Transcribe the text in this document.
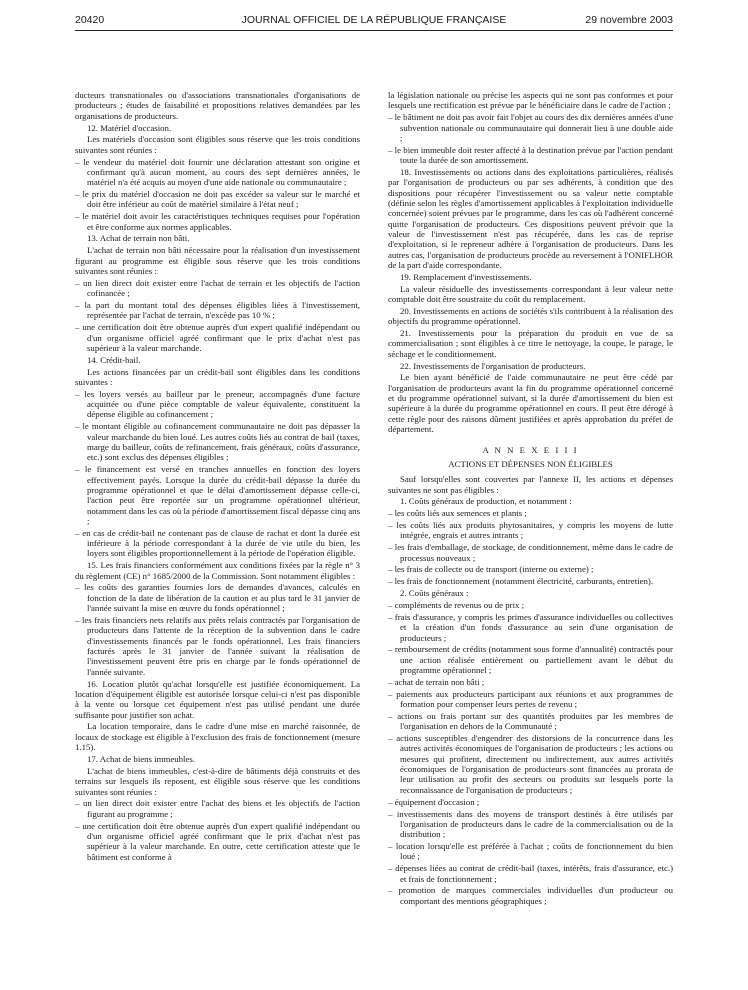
20420	JOURNAL OFFICIEL DE LA RÉPUBLIQUE FRANÇAISE	29 novembre 2003

ducteurs transnationales ou d'associations transnationales d'organisations de producteurs ; études de faisabilité et propositions relatives demandées par les organisations de producteurs.

12. Matériel d'occasion.

Les matériels d'occasion sont éligibles sous réserve que les trois conditions suivantes sont réunies :

– le vendeur du matériel doit fournir une déclaration attestant son origine et confirmant qu'à aucun moment, au cours des sept dernières années, le matériel n'a été acquis au moyen d'une aide nationale ou communautaire ;

– le prix du matériel d'occasion ne doit pas excéder sa valeur sur le marché et doit être inférieur au coût de matériel similaire à l'état neuf ;

– le matériel doit avoir les caractéristiques techniques requises pour l'opération et être conforme aux normes applicables.

13. Achat de terrain non bâti.

L'achat de terrain non bâti nécessaire pour la réalisation d'un investissement figurant au programme est éligible sous réserve que les trois conditions suivantes sont réunies :

– un lien direct doit exister entre l'achat de terrain et les objectifs de l'action cofinancée ;

– la part du montant total des dépenses éligibles liées à l'investissement, représentée par l'achat de terrain, n'excède pas 10 % ;

– une certification doit être obtenue auprès d'un expert qualifié indépendant ou d'un organisme officiel agréé confirmant que le prix d'achat n'est pas supérieur à la valeur marchande.

14. Crédit-bail.

Les actions financées par un crédit-bail sont éligibles dans les conditions suivantes :

– les loyers versés au bailleur par le preneur, accompagnés d'une facture acquittée ou d'une pièce comptable de valeur équivalente, constituent la dépense éligible au cofinancement ;

– le montant éligible au cofinancement communautaire ne doit pas dépasser la valeur marchande du bien loué. Les autres coûts liés au contrat de bail (taxes, marge du bailleur, coûts de refinancement, frais généraux, coûts d'assurance, etc.) sont exclus des dépenses éligibles ;

– le financement est versé en tranches annuelles en fonction des loyers effectivement payés. Lorsque la durée du crédit-bail dépasse la durée du programme opérationnel et que le délai d'amortissement dépasse celle-ci, l'action peut être reportée sur un programme opérationnel ultérieur, notamment dans les cas où la période d'amortissement fiscal dépasse cinq ans ;

– en cas de crédit-bail ne contenant pas de clause de rachat et dont la durée est inférieure à la période correspondant à la durée de vie utile du bien, les loyers sont éligibles proportionnellement à la période de l'opération éligible.

15. Les frais financiers conformément aux conditions fixées par la règle n° 3 du règlement (CE) n° 1685/2000 de la Commission. Sont notamment éligibles :

– les coûts des garanties fournies lors de demandes d'avances, calculés en fonction de la date de libération de la caution et au plus tard le 31 janvier de l'année suivant la mise en œuvre du fonds opérationnel ;

– les frais financiers nets relatifs aux prêts relais contractés par l'organisation de producteurs dans l'attente de la réception de la subvention dans le cadre d'investissements financés par le fonds opérationnel. Les frais financiers facturés après le 31 janvier de l'année suivant la réalisation de l'investissement peuvent être pris en charge par le fonds opérationnel de l'année suivante.

16. Location plutôt qu'achat lorsqu'elle est justifiée économiquement. La location d'équipement éligible est autorisée lorsque celui-ci n'est pas disponible à la vente ou lorsque cet équipement n'est pas utilisé pendant une durée suffisante pour justifier son achat.

La location temporaire, dans le cadre d'une mise en marché raisonnée, de locaux de stockage est éligible à l'exclusion des frais de fonctionnement (mesure 1.15).

17. Achat de biens immeubles.

L'achat de biens immeubles, c'est-à-dire de bâtiments déjà construits et des terrains sur lesquels ils reposent, est éligible sous réserve que les conditions suivantes sont réunies :

– un lien direct doit exister entre l'achat des biens et les objectifs de l'action figurant au programme ;

– une certification doit être obtenue auprès d'un expert qualifié indépendant ou d'un organisme officiel agréé confirmant que le prix d'achat n'est pas supérieur à la valeur marchande. En outre, cette certification atteste que le bâtiment est conforme à

la législation nationale ou précise les aspects qui ne sont pas conformes et pour lesquels une rectification est prévue par le bénéficiaire dans le cadre de l'action ;

– le bâtiment ne doit pas avoir fait l'objet au cours des dix dernières années d'une subvention nationale ou communautaire qui donnerait lieu à une double aide ;

– le bien immeuble doit rester affecté à la destination prévue par l'action pendant toute la durée de son amortissement.

18. Investissements ou actions dans des exploitations particulières, réalisés par l'organisation de producteurs ou par ses adhérents, à condition que des dispositions pour récupérer l'investissement ou sa valeur nette comptable (définie selon les règles d'amortissement applicables à l'exploitation individuelle concernée) soient prévues par le programme, dans les cas où l'adhérent concerné quitte l'organisation de producteurs. Ces dispositions peuvent prévoir que la valeur de l'investissement n'est pas récupérée, dans les cas de reprise d'exploitation, si le repreneur adhère à l'organisation de producteurs. Dans les autres cas, l'organisation de producteurs procède au reversement à l'ONIFLHOR de la part d'aide correspondante.

19. Remplacement d'investissements.

La valeur résiduelle des investissements correspondant à leur valeur nette comptable doit être soustraite du coût du remplacement.

20. Investissements en actions de sociétés s'ils contribuent à la réalisation des objectifs du programme opérationnel.

21. Investissements pour la préparation du produit en vue de sa commercialisation ; sont éligibles à ce titre le nettoyage, la coupe, le parage, le séchage et le conditionnement.

22. Investissements de l'organisation de producteurs.

Le bien ayant bénéficié de l'aide communautaire ne peut être cédé par l'organisation de producteurs avant la fin du programme opérationnel concerné et du programme opérationnel suivant, si la durée d'amortissement du bien est supérieure à la durée du programme opérationnel en cours. Il peut être dérogé à cette règle pour des raisons dûment justifiées et après approbation du préfet de département.

A N N E X E I I I

ACTIONS ET DÉPENSES NON ÉLIGIBLES

Sauf lorsqu'elles sont couvertes par l'annexe II, les actions et dépenses suivantes ne sont pas éligibles :

1. Coûts généraux de production, et notamment :

– les coûts liés aux semences et plants ;

– les coûts liés aux produits phytosanitaires, y compris les moyens de lutte intégrée, engrais et autres intrants ;

– les frais d'emballage, de stockage, de conditionnement, même dans le cadre de processus nouveaux ;

– les frais de collecte ou de transport (interne ou externe) ;

– les frais de fonctionnement (notamment électricité, carburants, entretien).

2. Coûts généraux :

– compléments de revenus ou de prix ;

– frais d'assurance, y compris les primes d'assurance individuelles ou collectives et la création d'un fonds d'assurance au sein d'une organisation de producteurs ;

– remboursement de crédits (notamment sous forme d'annualité) contractés pour une action réalisée entièrement ou partiellement avant le début du programme opérationnel ;

– achat de terrain non bâti ;

– paiements aux producteurs participant aux réunions et aux programmes de formation pour compenser leurs pertes de revenu ;

– actions ou frais portant sur des quantités produites par les membres de l'organisation en dehors de la Communauté ;

– actions susceptibles d'engendrer des distorsions de la concurrence dans les autres activités économiques de l'organisation de producteurs ; les actions ou mesures qui profitent, directement ou indirectement, aux autres activités économiques de l'organisation de producteurs sont financées au prorata de leur utilisation au profit des secteurs ou produits sur lesquels porte la reconnaissance de l'organisation de producteurs ;

– équipement d'occasion ;

– investissements dans des moyens de transport destinés à être utilisés par l'organisation de producteurs dans le cadre de la commercialisation ou de la distribution ;

– location lorsqu'elle est préférée à l'achat ; coûts de fonctionnement du bien loué ;

– dépenses liées au contrat de crédit-bail (taxes, intérêts, frais d'assurance, etc.) et frais de fonctionnement ;

– promotion de marques commerciales individuelles d'un producteur ou comportant des mentions géographiques ;
